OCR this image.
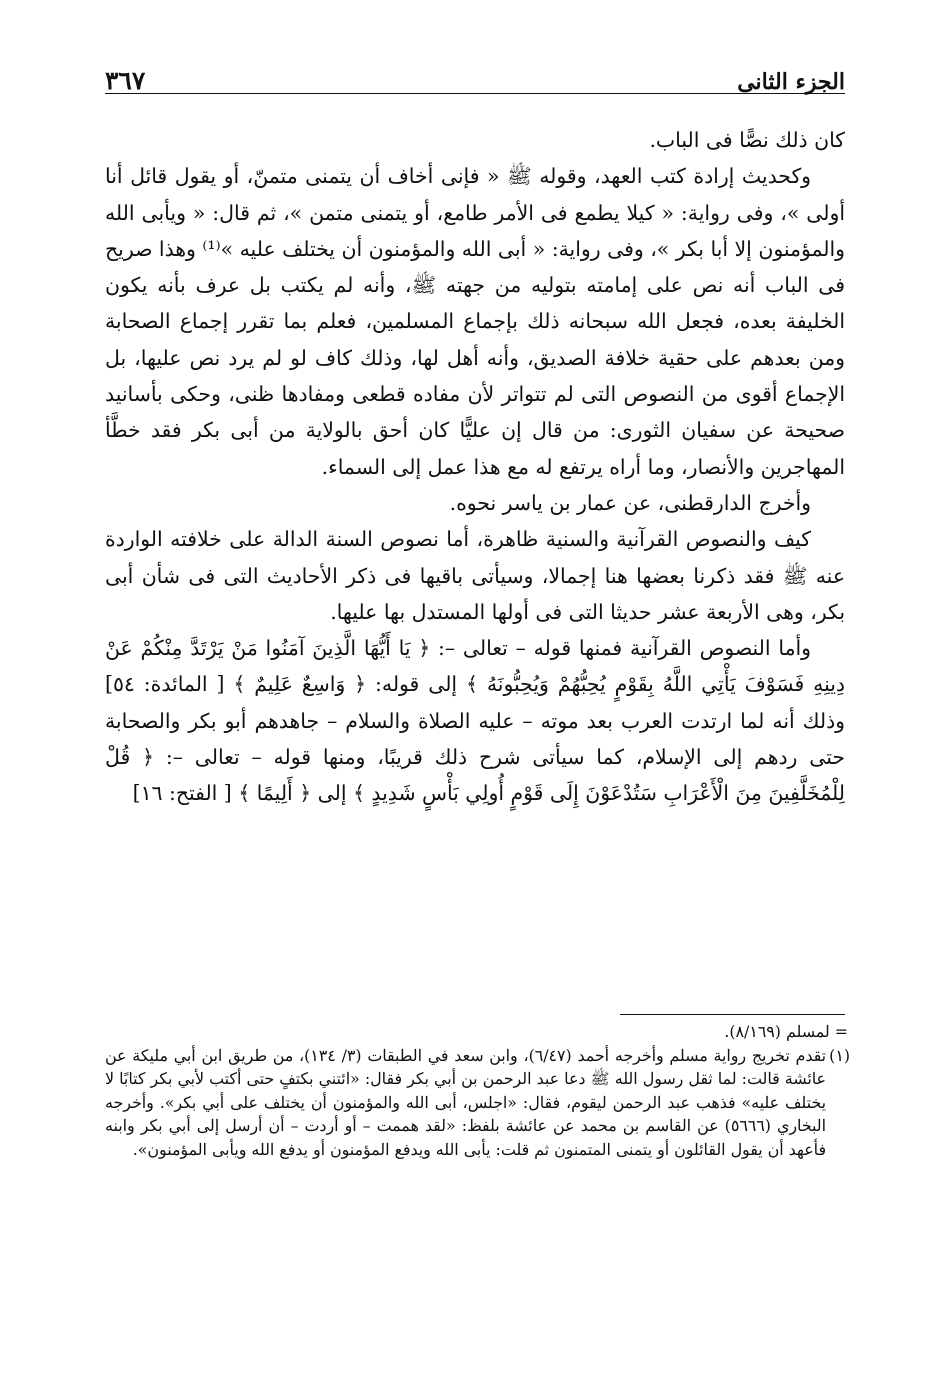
الجزء الثانى
٣٦٧

كان ذلك نصًّا فى الباب.

وكحديث إرادة كتب العهد، وقوله ﷺ « فإنى أخاف أن يتمنى متمنّ، أو يقول قائل أنا أولى »، وفى رواية: « كيلا يطمع فى الأمر طامع، أو يتمنى متمن »، ثم قال: « ويأبى الله والمؤمنون إلا أبا بكر »، وفى رواية: « أبى الله والمؤمنون أن يختلف عليه »⁽¹⁾ وهذا صريح فى الباب أنه نص على إمامته بتوليه من جهته ﷺ، وأنه لم يكتب بل عرف بأنه يكون الخليفة بعده، فجعل الله سبحانه ذلك بإجماع المسلمين، فعلم بما تقرر إجماع الصحابة ومن بعدهم على حقية خلافة الصديق، وأنه أهل لها، وذلك كاف لو لم يرد نص عليها، بل الإجماع أقوى من النصوص التى لم تتواتر لأن مفاده قطعى ومفادها ظنى، وحكى بأسانيد صحيحة عن سفيان الثورى: من قال إن عليًّا كان أحق بالولاية من أبى بكر فقد خطَّأ المهاجرين والأنصار، وما أراه يرتفع له مع هذا عمل إلى السماء.

وأخرج الدارقطنى، عن عمار بن ياسر نحوه.

كيف والنصوص القرآنية والسنية ظاهرة، أما نصوص السنة الدالة على خلافته الواردة عنه ﷺ فقد ذكرنا بعضها هنا إجمالا، وسيأتى باقيها فى ذكر الأحاديث التى فى شأن أبى بكر، وهى الأربعة عشر حديثا التى فى أولها المستدل بها عليها.

وأما النصوص القرآنية فمنها قوله – تعالى –: ﴿ يَا أَيُّهَا الَّذِينَ آمَنُوا مَنْ يَرْتَدَّ مِنْكُمْ عَنْ دِينِهِ فَسَوْفَ يَأْتِي اللَّهُ بِقَوْمٍ يُحِبُّهُمْ وَيُحِبُّونَهُ ﴾ إلى قوله: ﴿ وَاسِعٌ عَلِيمٌ ﴾ [ المائدة: ٥٤] وذلك أنه لما ارتدت العرب بعد موته – عليه الصلاة والسلام – جاهدهم أبو بكر والصحابة حتى ردهم إلى الإسلام، كما سيأتى شرح ذلك قريبًا، ومنها قوله – تعالى –: ﴿ قُلْ لِلْمُخَلَّفِينَ مِنَ الْأَعْرَابِ سَتُدْعَوْنَ إِلَى قَوْمٍ أُولِي بَأْسٍ شَدِيدٍ ﴾ إلى ﴿ أَلِيمًا ﴾ [ الفتح: ١٦]

= لمسلم (٨/١٦٩).

(١)تقدم تخريج رواية مسلم وأخرجه أحمد (٦/٤٧)، وابن سعد في الطبقات (٣/ ١٣٤)، من طريق ابن أبي مليكة عن عائشة قالت: لما ثقل رسول الله ﷺ دعا عبد الرحمن بن أبي بكر فقال: «ائتني بكتفٍ حتى أكتب لأبي بكر كتابًا لا يختلف عليه» فذهب عبد الرحمن ليقوم، فقال: «اجلس، أبى الله والمؤمنون أن يختلف على أبي بكر». وأخرجه البخاري (٥٦٦٦) عن القاسم بن محمد عن عائشة بلفظ: «لقد هممت – أو أردت – أن أرسل إلى أبي بكر وابنه فأعهد أن يقول القائلون أو يتمنى المتمنون ثم قلت: يأبى الله ويدفع المؤمنون أو يدفع الله ويأبى المؤمنون».
